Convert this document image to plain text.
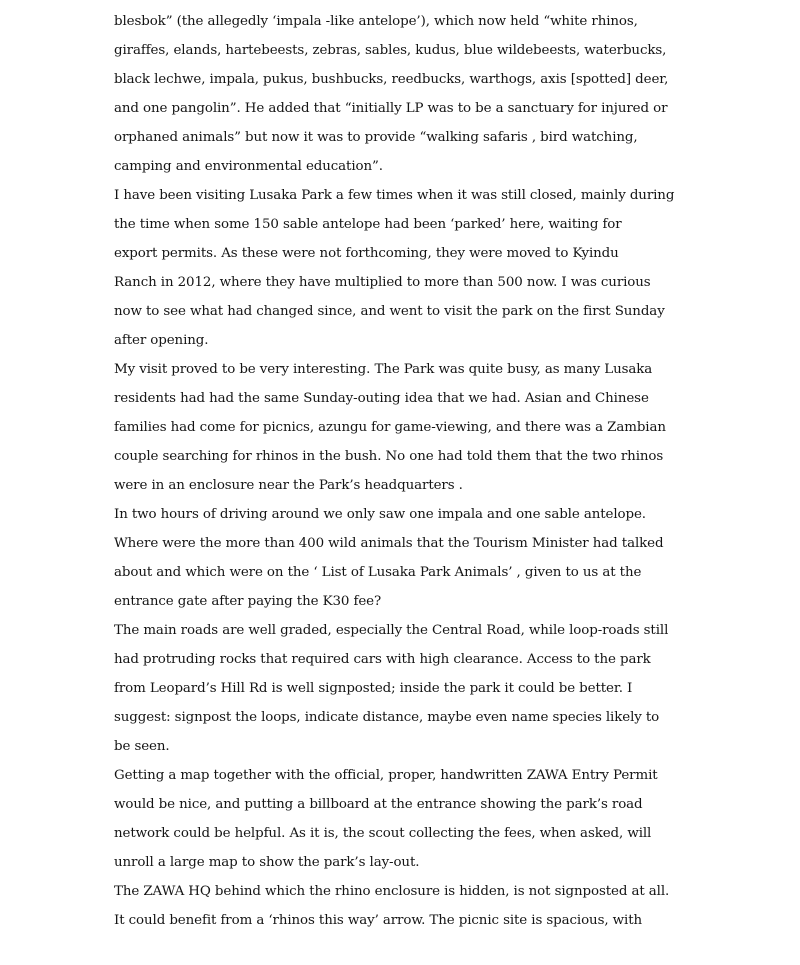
blesbok” (the allegedly ‘impala -like antelope’), which now held “white rhinos,
giraffes, elands, hartebeests, zebras, sables, kudus, blue wildebeests, waterbucks,
black lechwe, impala, pukus, bushbucks, reedbucks, warthogs, axis [spotted] deer,
and one pangolin”. He added that “initially LP was to be a sanctuary for injured or
orphaned animals” but now it was to provide “walking safaris , bird watching,
camping and environmental education”.
I have been visiting Lusaka Park a few times when it was still closed, mainly during
the time when some 150 sable antelope had been ‘parked’ here, waiting for
export permits. As these were not forthcoming, they were moved to Kyindu
Ranch in 2012, where they have multiplied to more than 500 now. I was curious
now to see what had changed since, and went to visit the park on the first Sunday
after opening.
My visit proved to be very interesting. The Park was quite busy, as many Lusaka
residents had had the same Sunday-outing idea that we had. Asian and Chinese
families had come for picnics, azungu for game-viewing, and there was a Zambian
couple searching for rhinos in the bush. No one had told them that the two rhinos
were in an enclosure near the Park’s headquarters .
In two hours of driving around we only saw one impala and one sable antelope.
Where were the more than 400 wild animals that the Tourism Minister had talked
about and which were on the ‘ List of Lusaka Park Animals’ , given to us at the
entrance gate after paying the K30 fee?
The main roads are well graded, especially the Central Road, while loop-roads still
had protruding rocks that required cars with high clearance. Access to the park
from Leopard’s Hill Rd is well signposted; inside the park it could be better. I
suggest: signpost the loops, indicate distance, maybe even name species likely to
be seen.
Getting a map together with the official, proper, handwritten ZAWA Entry Permit
would be nice, and putting a billboard at the entrance showing the park’s road
network could be helpful. As it is, the scout collecting the fees, when asked, will
unroll a large map to show the park’s lay-out.
The ZAWA HQ behind which the rhino enclosure is hidden, is not signposted at all.
It could benefit from a ‘rhinos this way’ arrow. The picnic site is spacious, with
